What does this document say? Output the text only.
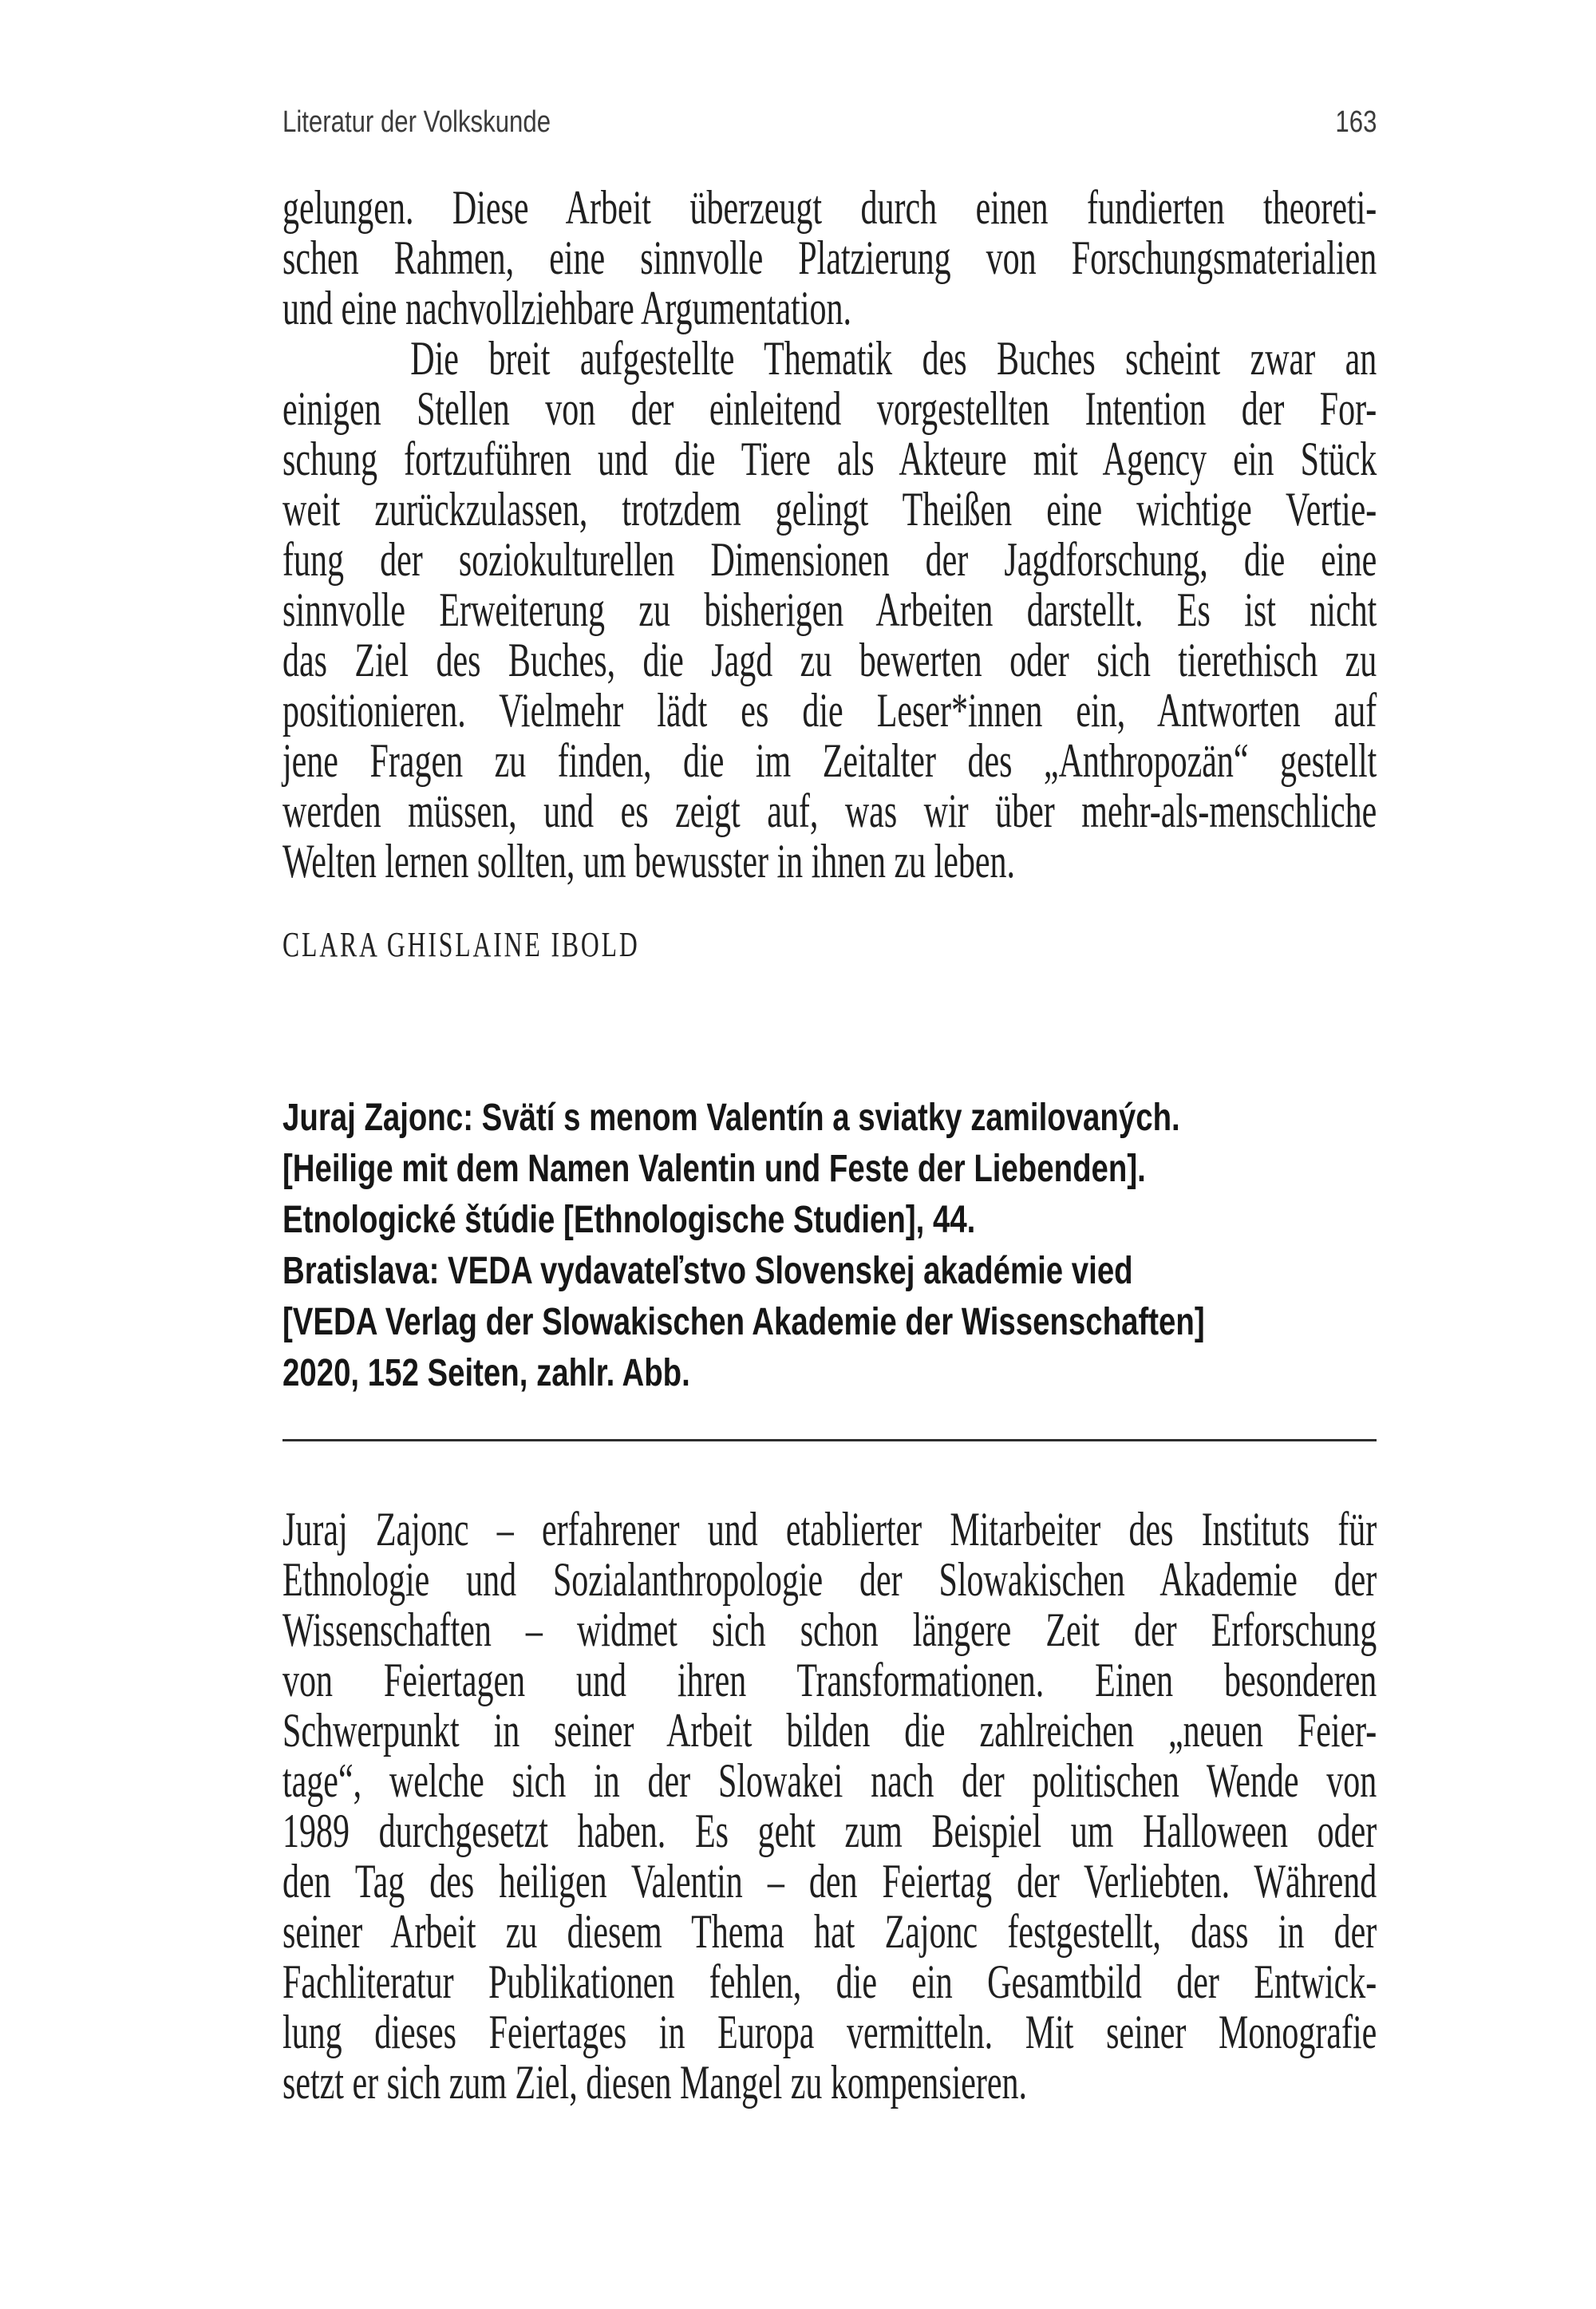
Literatur der Volkskunde	163
gelungen. Diese Arbeit überzeugt durch einen fundierten theoreti-
schen Rahmen, eine sinnvolle Platzierung von Forschungsmaterialien
und eine nachvollziehbare Argumentation.
Die breit aufgestellte Thematik des Buches scheint zwar an
einigen Stellen von der einleitend vorgestellten Intention der For-
schung fortzuführen und die Tiere als Akteure mit Agency ein Stück
weit zurückzulassen, trotzdem gelingt Theißen eine wichtige Vertie-
fung der soziokulturellen Dimensionen der Jagdforschung, die eine
sinnvolle Erweiterung zu bisherigen Arbeiten darstellt. Es ist nicht
das Ziel des Buches, die Jagd zu bewerten oder sich tierethisch zu
positionieren. Vielmehr lädt es die Leser*innen ein, Antworten auf
jene Fragen zu finden, die im Zeitalter des „Anthropozän“ gestellt
werden müssen, und es zeigt auf, was wir über mehr-als-menschliche
Welten lernen sollten, um bewusster in ihnen zu leben.
CLARA GHISLAINE IBOLD
Juraj Zajonc: Svätí s menom Valentín a sviatky zamilovaných.
[Heilige mit dem Namen Valentin und Feste der Liebenden].
Etnologické štúdie [Ethnologische Studien], 44.
Bratislava: VEDA vydavateľstvo Slovenskej akadémie vied
[VEDA Verlag der Slowakischen Akademie der Wissenschaften]
2020, 152 Seiten, zahlr. Abb.
Juraj Zajonc – erfahrener und etablierter Mitarbeiter des Instituts für
Ethnologie und Sozialanthropologie der Slowakischen Akademie der
Wissenschaften – widmet sich schon längere Zeit der Erforschung
von Feiertagen und ihren Transformationen. Einen besonderen
Schwerpunkt in seiner Arbeit bilden die zahlreichen „neuen Feier-
tage“, welche sich in der Slowakei nach der politischen Wende von
1989 durchgesetzt haben. Es geht zum Beispiel um Halloween oder
den Tag des heiligen Valentin – den Feiertag der Verliebten. Während
seiner Arbeit zu diesem Thema hat Zajonc festgestellt, dass in der
Fachliteratur Publikationen fehlen, die ein Gesamtbild der Entwick-
lung dieses Feiertages in Europa vermitteln. Mit seiner Monografie
setzt er sich zum Ziel, diesen Mangel zu kompensieren.
